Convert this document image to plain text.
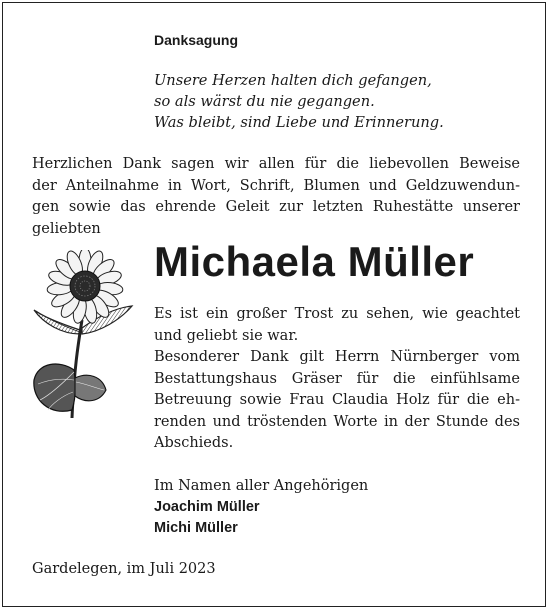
Danksagung

Unsere Herzen halten dich gefangen,
so als wärst du nie gegangen.
Was bleibt, sind Liebe und Erinnerung.

Herzlichen Dank sagen wir allen für die liebevollen Beweise
der Anteilnahme in Wort, Schrift, Blumen und Geldzuwendun-
gen sowie das ehrende Geleit zur letzten Ruhestätte unserer
geliebten
Michaela Müller
Es ist ein großer Trost zu sehen, wie geachtet
und geliebt sie war.
Besonderer Dank gilt Herrn Nürnberger vom
Bestattungshaus Gräser für die einfühlsame
Betreuung sowie Frau Claudia Holz für die eh-
renden und tröstenden Worte in der Stunde des
Abschieds.
Im Namen aller Angehörigen
Joachim Müller
Michi Müller
Gardelegen, im Juli 2023
